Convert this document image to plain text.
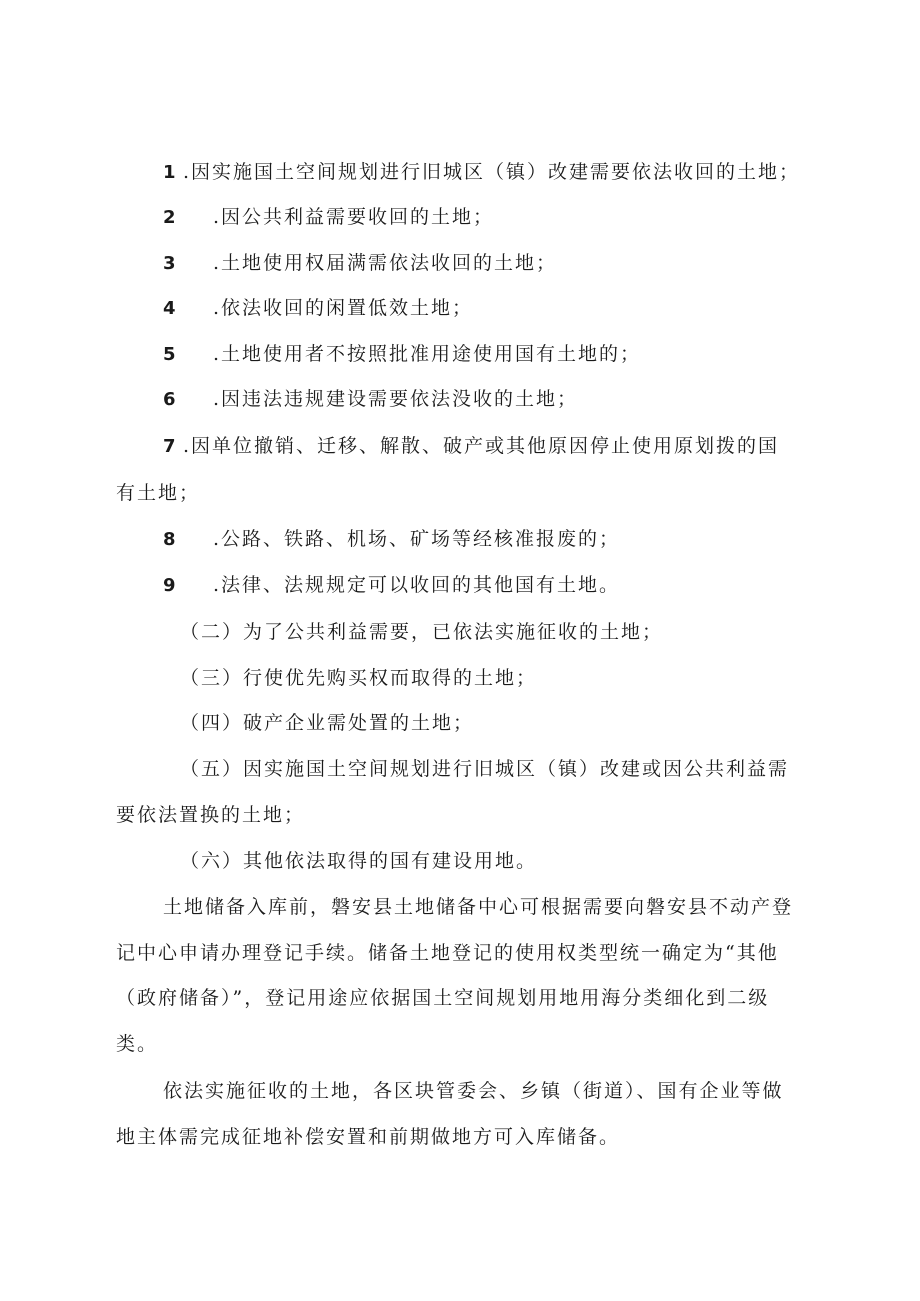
1 .因实施国土空间规划进行旧城区（镇）改建需要依法收回的土地；
2 .因公共利益需要收回的土地；
3 .土地使用权届满需依法收回的土地；
4 .依法收回的闲置低效土地；
5 .土地使用者不按照批准用途使用国有土地的；
6 .因违法违规建设需要依法没收的土地；
7 .因单位撤销、迁移、解散、破产或其他原因停止使用原划拨的国
有土地；
8 .公路、铁路、机场、矿场等经核准报废的；
9 .法律、法规规定可以收回的其他国有土地。
（二）为了公共利益需要，已依法实施征收的土地；
（三）行使优先购买权而取得的土地；
（四）破产企业需处置的土地；
（五）因实施国土空间规划进行旧城区（镇）改建或因公共利益需
要依法置换的土地；
（六）其他依法取得的国有建设用地。
土地储备入库前，磐安县土地储备中心可根据需要向磐安县不动产登
记中心申请办理登记手续。储备土地登记的使用权类型统一确定为“其他
（政府储备）”，登记用途应依据国土空间规划用地用海分类细化到二级
类。
依法实施征收的土地，各区块管委会、乡镇（街道）、国有企业等做
地主体需完成征地补偿安置和前期做地方可入库储备。
